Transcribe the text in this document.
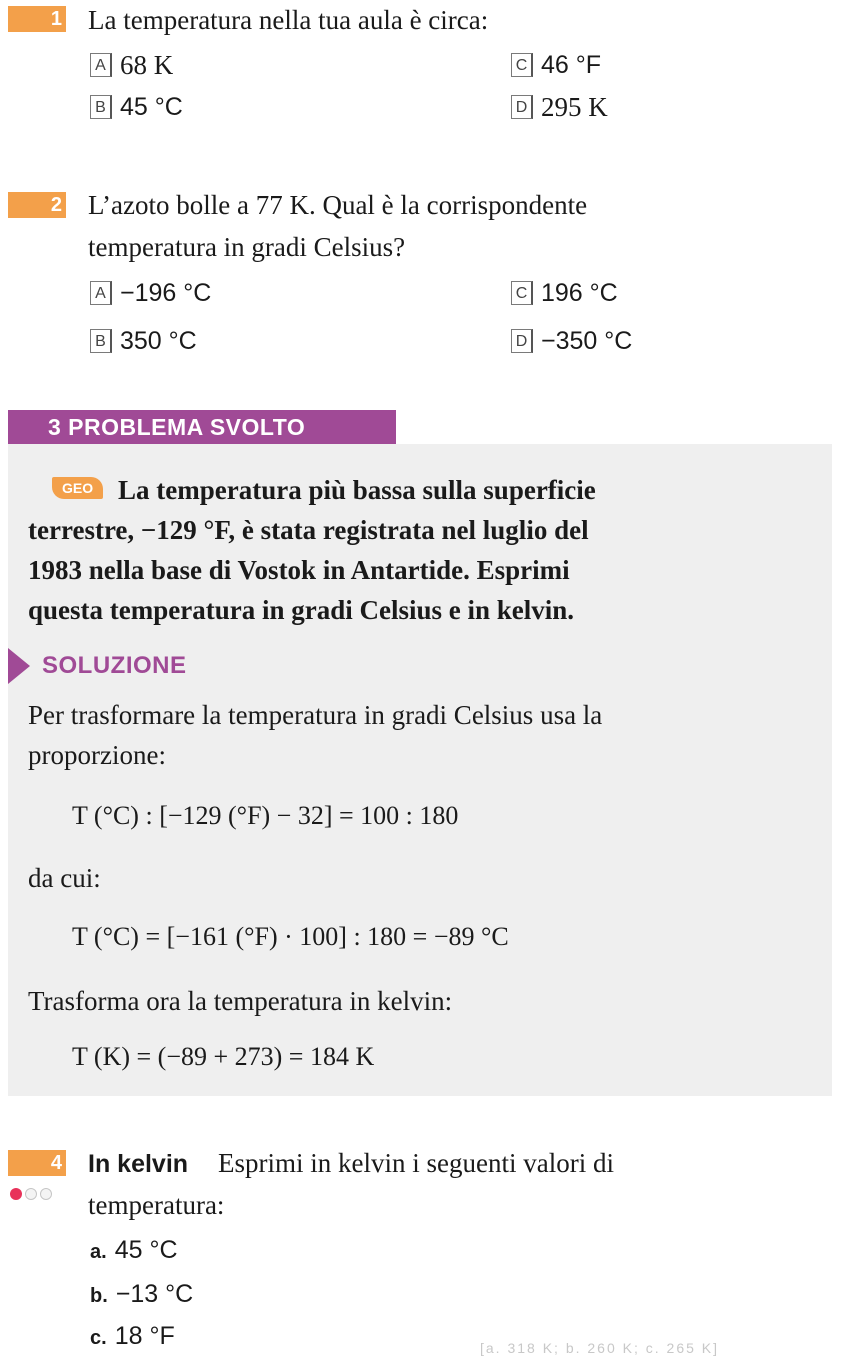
1 La temperatura nella tua aula è circa:
A 68 K
B 45 °C
C 46 °F
D 295 K
2 L’azoto bolle a 77 K. Qual è la corrispondente
temperatura in gradi Celsius?
A −196 °C
B 350 °C
C 196 °C
D −350 °C
3 PROBLEMA SVOLTO
GEO La temperatura più bassa sulla superficie
terrestre, −129 °F, è stata registrata nel luglio del
1983 nella base di Vostok in Antartide. Esprimi
questa temperatura in gradi Celsius e in kelvin.
SOLUZIONE
Per trasformare la temperatura in gradi Celsius usa la
proporzione:
T (°C) : [−129 (°F) − 32] = 100 : 180
da cui:
T (°C) = [−161 (°F) · 100] : 180 = −89 °C
Trasforma ora la temperatura in kelvin:
T (K) = (−89 + 273) = 184 K
4 In kelvin Esprimi in kelvin i seguenti valori di
temperatura:
a. 45 °C
b. −13 °C
c. 18 °F	[a. 318 K; b. 260 K; c. 265 K]
